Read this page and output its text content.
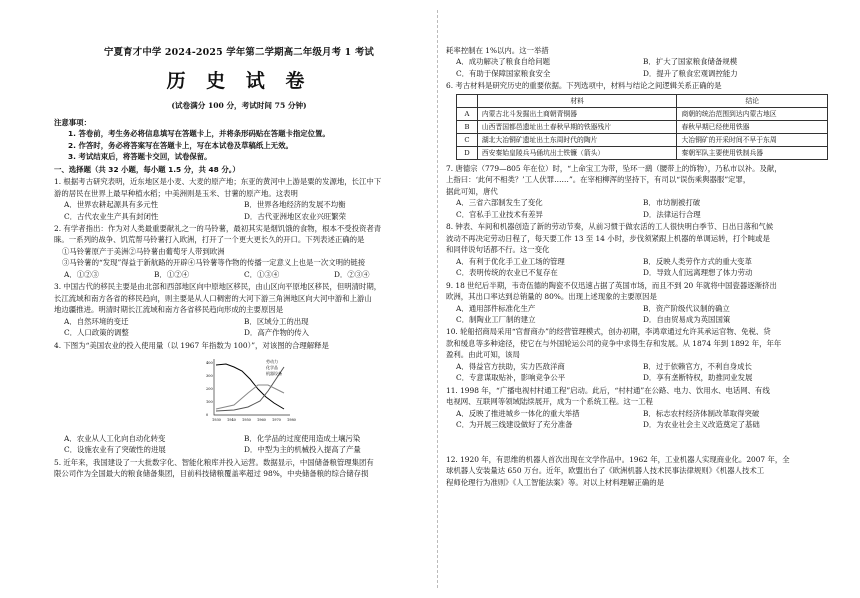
宁夏育才中学 2024-2025 学年第二学期高二年级月考 1 考试
历 史 试 卷
(试卷满分 100 分，考试时间 75 分钟)
注意事项：
1. 答卷前，考生务必将信息填写在答题卡上，并将条形码贴在答题卡指定位置。
2. 作答时，务必将答案写在答题卡上，写在本试卷及草稿纸上无效。
3. 考试结束后，将答题卡交回，试卷保留。
一、选择题（共 32 小题，每小题 1.5 分，共 48 分。）

1. 根据考古研究表明，近东地区是小麦、大麦的原产地；东亚的黄河中上游是粟的发源地，长江中下

游的居民在世界上最早种植水稻；中美洲则是玉米、甘薯的原产地。这表明

A．世界农耕起源具有多元性	B．世界各地经济的发展不均衡
C．古代农业生产具有封闭性	D．古代亚洲地区农业兴旺繁荣

2. 有学者指出：作为对人类最重要献礼之一的马铃薯，最初其实是烟饥饿的食物，根本不受投资者青

睐。一系列的战争、饥荒帮马铃薯打入欧洲，打开了一个更大更长久的开口。下列表述正确的是

①马铃薯原产于美洲②马铃薯由葡萄牙人带到欧洲

③马铃薯的“发现”得益于新航路的开辟④马铃薯等作物的传播一定意义上也是一次文明的链接

A．①②③	B．①②④	C．①③④	D．②③④

3. 中国古代的移民主要是由北部和西部地区向中原地区移民，由山区向平原地区移民，但明清时期，

长江流域和南方各省的移民趋向，则主要是从人口稠密的大河下游三角洲地区向大河中游和上游山

地边疆推进。明清时期长江流域和南方各省移民趋向形成的主要原因是

A．自然环境的变迁	B．区域分工的出现
C．人口政策的调整	D．高产作物的传入

4. 下图为“美国农业的投入使用量（以 1967 年指数为 100）”，对该图的合理解释是

劳动力
化学品
机器设备
1930 1940 1950 1960 1970 1980
0
100
200
300
400
A．农业从人工化向自动化转变	B．化学品的过度使用造成土壤污染
C．设施农业有了突破性的进展	D．中型为主的机械投入提高了产量

5. 近年来，我国建设了一大批数字化、智能化粮库并投入运营。数据显示，中国储备粮管理集团有

限公司作为全国最大的粮食储备集团，目前科技储粮覆盖率超过 98%，中央储备粮的综合储存损

耗率控制在 1%以内。这一举措

A．成功解决了粮食自给问题	B．扩大了国家粮食储备规模
C．有助于保障国家粮食安全	D．提升了粮食宏观调控能力

6. 考古材料是研究历史的重要依据。下列选项中，材料与结论之间逻辑关系正确的是

	材料	结论
A	内蒙古北斗发掘出土商朝青铜器	商朝的统治范围到达内蒙古地区
B	山西晋国都邑遗址出土春秋早期的铁器残片	春秋早期已经使用铁器
C	湖北大冶铜矿遗址出土东周时代的陶片	大冶铜矿的开采时间不早于东周
D	西安秦始皇陵兵马俑坑出土铁镰（箭头）	秦朝军队主要使用铁制兵器

7. 唐德宗（779—805 年在位）时，“上命宝工为带，坠环一鹞（腰带上的饰物），乃私市以补。及献，

上指曰：‘此何不相类？’工人伏罪……”。在宰相柳浑的坚持下，有司以“误伤乘舆器服”定罪，

据此可知，唐代

A．三省六部制发生了变化	B．市坊制被打破
C．官私手工业技术有差异	D．法律运行合理

8. 钟表、车间和机器创造了新的劳动节奏，从前习惯于做农活的工人很快明白季节、日出日落和气候

波动不再决定劳动日程了，每天要工作 13 至 14 小时，步伐须紧跟上机器的单调运转，打个盹或是

和同伴说句话都不行。这一变化

A．有利于优化手工业工场的管理	B．反映人类劳作方式的重大变革
C．表明传统的农业已不复存在	D．导致人们远离理想了体力劳动

9. 18 世纪后半期，韦奇伍德的陶瓷不仅迅速占据了英国市场，而且不到 20 年就将中国瓷器逐渐挤出

欧洲，其出口率达到总销量的 80%。出现上述现象的主要原因是

A．通用部件标准化生产	B．资产阶级代议制的确立
C．制陶业工厂制的建立	D．自由贸易成为英国国策

10. 轮船招商局采用“官督商办”的经营管理模式，创办初期，李鸿章通过允许其承运官物、免税、贷

款和缓息等多种途径，使它在与外国轮运公司的竞争中求得生存和发展。从 1874 年到 1892 年，年年

盈利。由此可知，该局

A．得益官方扶助，实力匹敌洋商	B．过于依赖官方，不利自身成长
C．专意谋取贴补，影响竞争公平	D．享有垄断特权，助推同业发展

11. 1998 年，“广播电视村村通工程”启动。此后，“村村通”在公路、电力、饮用水、电话网、有线

电视网、互联网等领域陆续展开，成为一个系统工程。这一工程

A．反映了推进城乡一体化的重大举措	B．标志农村经济体制改革取得突破
C．为开展三线建设做好了充分准备	D．为农业社会主义改造奠定了基础

12. 1920 年，有思维的机器人首次出现在文学作品中。1962 年，工业机器人实现商业化。2007 年，全

球机器人安装量达 650 万台。近年，欧盟出台了《欧洲机器人技术民事法律规则》《机器人技术工

程师伦理行为准则》《人工智能法案》等。对以上材料理解正确的是
